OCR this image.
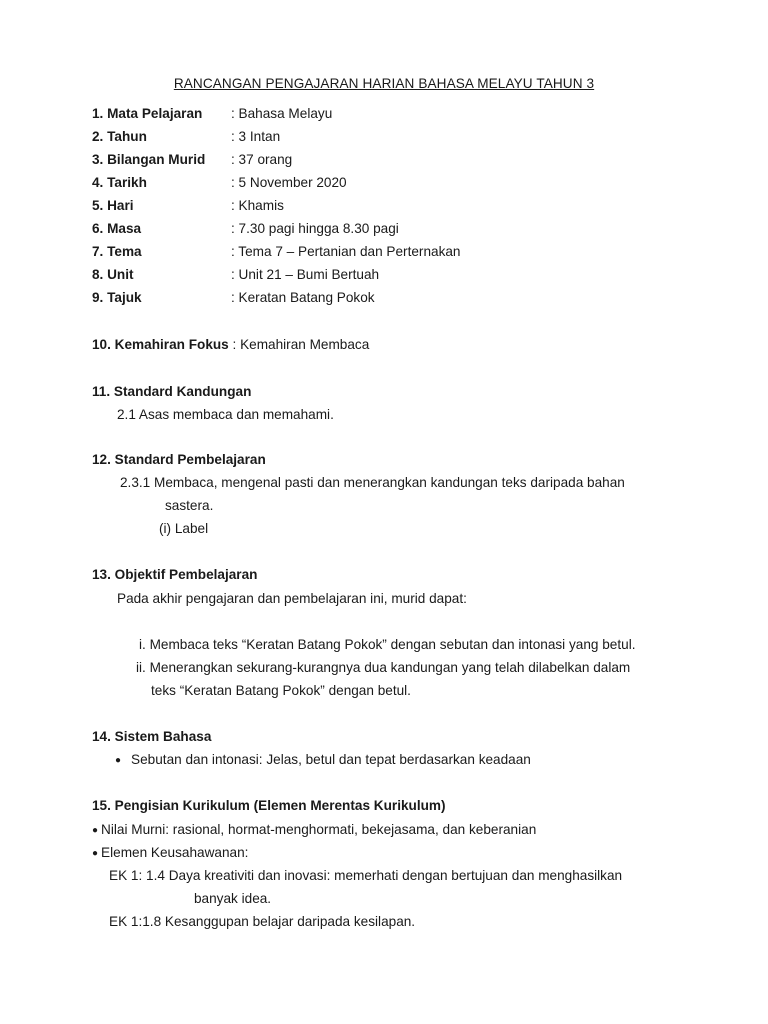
RANCANGAN PENGAJARAN HARIAN BAHASA MELAYU TAHUN 3
1. Mata Pelajaran : Bahasa Melayu
2. Tahun	: 3 Intan
3. Bilangan Murid : 37 orang
4. Tarikh	: 5 November 2020
5. Hari	: Khamis
6. Masa	: 7.30 pagi hingga 8.30 pagi
7. Tema	: Tema 7 – Pertanian dan Perternakan
8. Unit	: Unit 21 – Bumi Bertuah
9. Tajuk	: Keratan Batang Pokok
10. Kemahiran Fokus : Kemahiran Membaca
11. Standard Kandungan
2.1 Asas membaca dan memahami.
12. Standard Pembelajaran
2.3.1 Membaca, mengenal pasti dan menerangkan kandungan teks daripada bahan
sastera.
(i) Label
13. Objektif Pembelajaran
Pada akhir pengajaran dan pembelajaran ini, murid dapat:
i. Membaca teks “Keratan Batang Pokok” dengan sebutan dan intonasi yang betul.
ii. Menerangkan sekurang-kurangnya dua kandungan yang telah dilabelkan dalam
teks “Keratan Batang Pokok” dengan betul.
14. Sistem Bahasa
● Sebutan dan intonasi: Jelas, betul dan tepat berdasarkan keadaan
15. Pengisian Kurikulum (Elemen Merentas Kurikulum)
● Nilai Murni: rasional, hormat-menghormati, bekejasama, dan keberanian
● Elemen Keusahawanan:
EK 1: 1.4 Daya kreativiti dan inovasi: memerhati dengan bertujuan dan menghasilkan
banyak idea.
EK 1:1.8 Kesanggupan belajar daripada kesilapan.
